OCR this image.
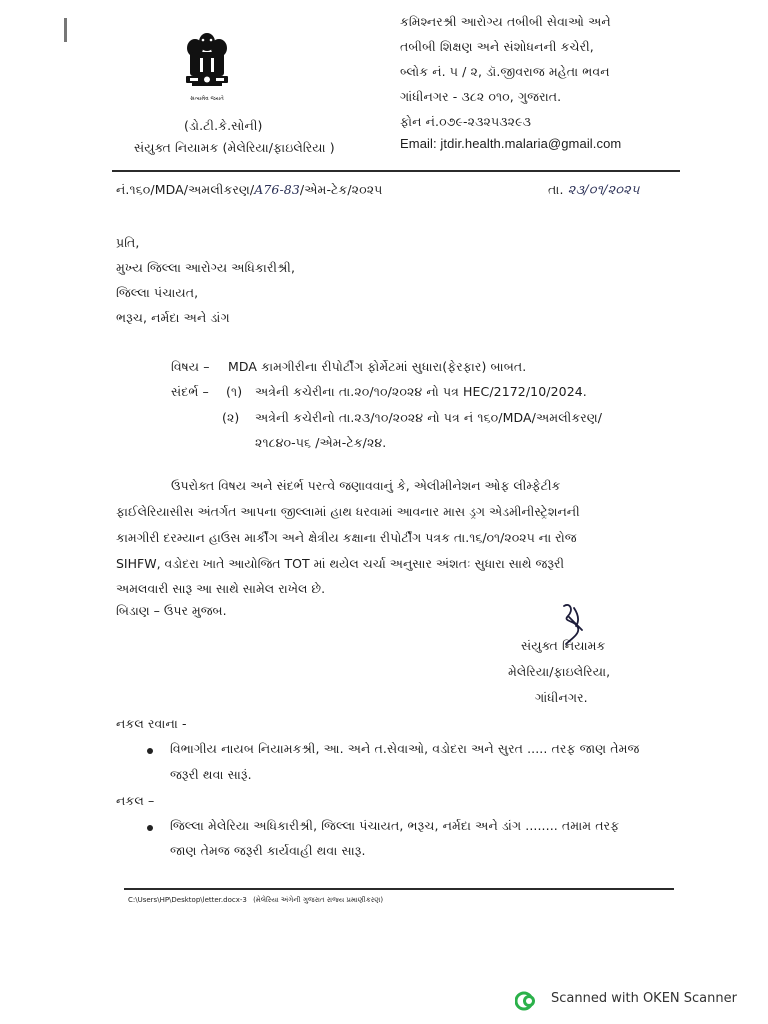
સત્યમેવ જયતે
(ડો.ટી.કે.સોની)
સંયુક્ત નિયામક (મેલેરિયા/ફાઇલેરિયા )
કમિશ્નરશ્રી આરોગ્ય તબીબી સેવાઓ અને
તબીબી શિક્ષણ અને સંશોધનની કચેરી,
બ્લોક નં. ૫ / ૨, ડૉ.જીવરાજ મહેતા ભવન
ગાંધીનગર - ૩૮૨ ૦૧૦, ગુજરાત.
ફોન નં.૦૭૯-૨૩૨૫૩૨૯૩
Email: jtdir.health.malaria@gmail.com
નં.૧૬૦/MDA/અમલીકરણ/A76-83/એમ-ટેક/૨૦૨૫	તા. ૨૩/૦૧/૨૦૨૫
પ્રતિ,
મુખ્ય જિલ્લા આરોગ્ય અધિકારીશ્રી,
જિલ્લા પંચાયત,
ભરૂચ, નર્મદા અને ડાંગ
વિષય – MDA કામગીરીના રીપોર્ટીંગ ફોર્મેટમાં સુધારા(ફેરફાર) બાબત.
સંદર્ભ – (૧) અત્રેની કચેરીના તા.૨૦/૧૦/૨૦૨૪ નો પત્ર HEC/2172/10/2024.
(૨) અત્રેની કચેરીનો તા.૨૩/૧૦/૨૦૨૪ નો પત્ર નં ૧૬૦/MDA/અમલીકરણ/
૨૧૮૪૦-૫૬ /એમ-ટેક/૨૪.
ઉપરોક્ત વિષય અને સંદર્ભ પરત્વે જણાવવાનું કે, એલીમીનેશન ઓફ લીમ્ફેટીક
ફાઈલેરિયાસીસ અંતર્ગત આપના જીલ્લામાં હાથ ધરવામાં આવનાર માસ ડ્રગ એડમીનીસ્ટ્રેશનની
કામગીરી દરમ્યાન હાઉસ માર્કીંગ અને ક્ષેત્રીય કક્ષાના રીપોર્ટીંગ પત્રક તા.૧૬/૦૧/૨૦૨૫ ના રોજ
SIHFW, વડોદરા ખાતે આયોજિત TOT માં થયેલ ચર્ચા અનુસાર અંશતઃ સુધારા સાથે જરૂરી
અમલવારી સારૂ આ સાથે સામેલ રાખેલ છે.
બિડાણ – ઉપર મુજબ.
સંયુક્ત નિયામક
મેલેરિયા/ફાઇલેરિયા,
ગાંધીનગર.
નકલ રવાના -
વિભાગીય નાયબ નિયામકશ્રી, આ. અને ત.સેવાઓ, વડોદરા અને સુરત ..... તરફ જાણ તેમજ
જરૂરી થવા સારૂં.
નકલ –
જિલ્લા મેલેરિયા અધિકારીશ્રી, જિલ્લા પંચાયત, ભરૂચ, નર્મદા અને ડાંગ ........ તમામ તરફ
જાણ તેમજ જરૂરી કાર્યવાહી થવા સારૂ.
C:\Users\HP\Desktop\letter.docx-3 (મેલેરિયા અંગેની ગુજરાત રાજ્ય પ્રમાણીકરણ)
Scanned with OKEN Scanner
